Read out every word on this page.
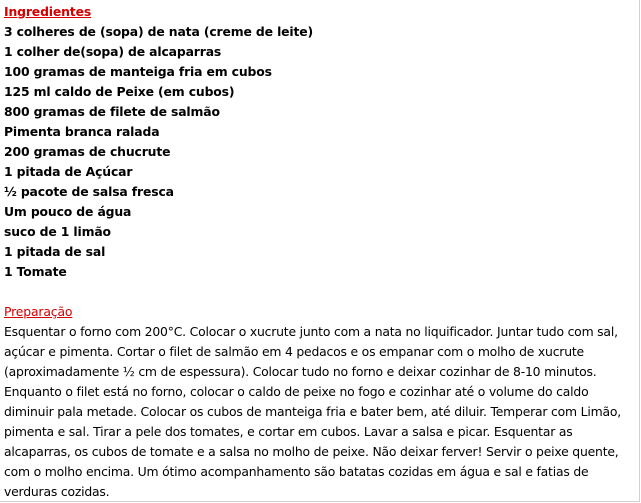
Ingredientes
3 colheres de (sopa) de nata (creme de leite)
1 colher de(sopa) de alcaparras
100 gramas de manteiga fria em cubos
125 ml caldo de Peixe (em cubos)
800 gramas de filete de salmão
Pimenta branca ralada
200 gramas de chucrute
1 pitada de Açúcar
½ pacote de salsa fresca
Um pouco de água
suco de 1 limão
1 pitada de sal
1 Tomate
Preparação
Esquentar o forno com 200°C. Colocar o xucrute junto com a nata no liquificador. Juntar tudo com sal,
açúcar e pimenta. Cortar o filet de salmão em 4 pedacos e os empanar com o molho de xucrute
(aproximadamente ½ cm de espessura). Colocar tudo no forno e deixar cozinhar de 8-10 minutos.
Enquanto o filet está no forno, colocar o caldo de peixe no fogo e cozinhar até o volume do caldo
diminuir pala metade. Colocar os cubos de manteiga fria e bater bem, até diluir. Temperar com Limão,
pimenta e sal. Tirar a pele dos tomates, e cortar em cubos. Lavar a salsa e picar. Esquentar as
alcaparras, os cubos de tomate e a salsa no molho de peixe. Não deixar ferver! Servir o peixe quente,
com o molho encima. Um ótimo acompanhamento são batatas cozidas em água e sal e fatias de
verduras cozidas.
